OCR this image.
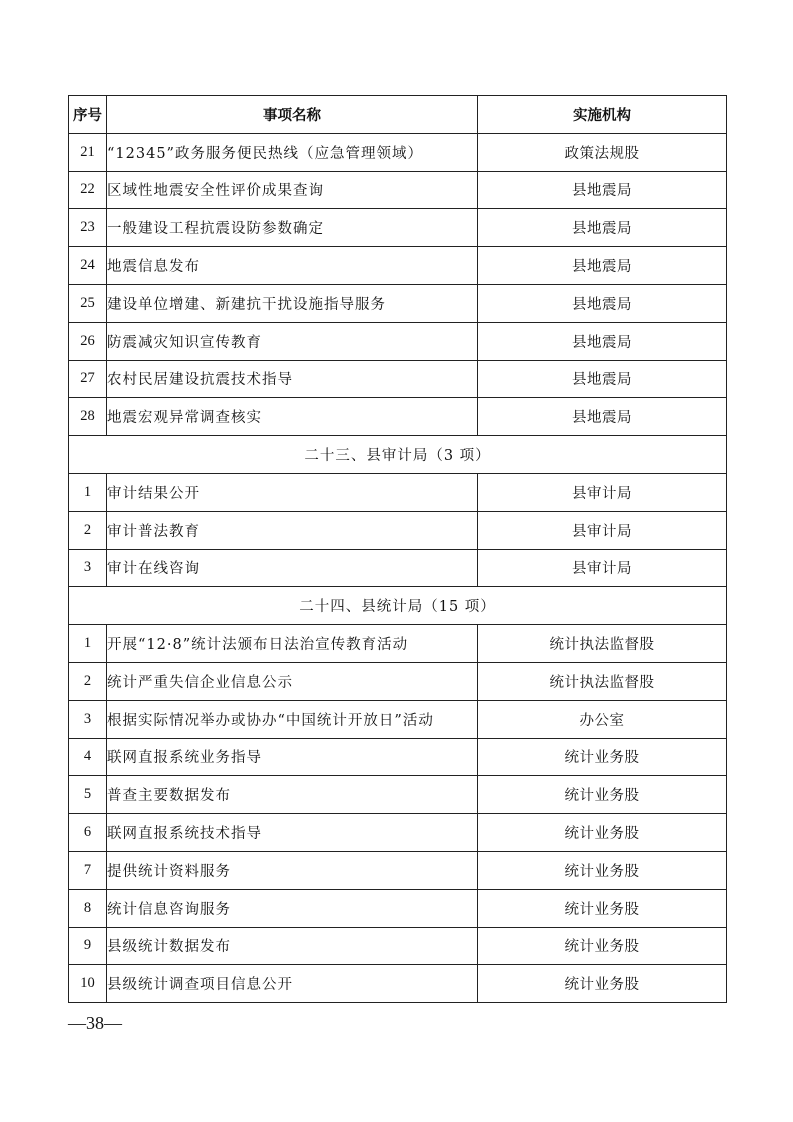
序号	事项名称	实施机构
21	“12345”政务服务便民热线（应急管理领域）	政策法规股
22	区域性地震安全性评价成果查询	县地震局
23	一般建设工程抗震设防参数确定	县地震局
24	地震信息发布	县地震局
25	建设单位增建、新建抗干扰设施指导服务	县地震局
26	防震减灾知识宣传教育	县地震局
27	农村民居建设抗震技术指导	县地震局
28	地震宏观异常调查核实	县地震局
二十三、县审计局（3 项）		
1	审计结果公开	县审计局
2	审计普法教育	县审计局
3	审计在线咨询	县审计局
二十四、县统计局（15 项）		
1	开展“12·8”统计法颁布日法治宣传教育活动	统计执法监督股
2	统计严重失信企业信息公示	统计执法监督股
3	根据实际情况举办或协办“中国统计开放日”活动	办公室
4	联网直报系统业务指导	统计业务股
5	普查主要数据发布	统计业务股
6	联网直报系统技术指导	统计业务股
7	提供统计资料服务	统计业务股
8	统计信息咨询服务	统计业务股
9	县级统计数据发布	统计业务股
10	县级统计调查项目信息公开	统计业务股
—38—
